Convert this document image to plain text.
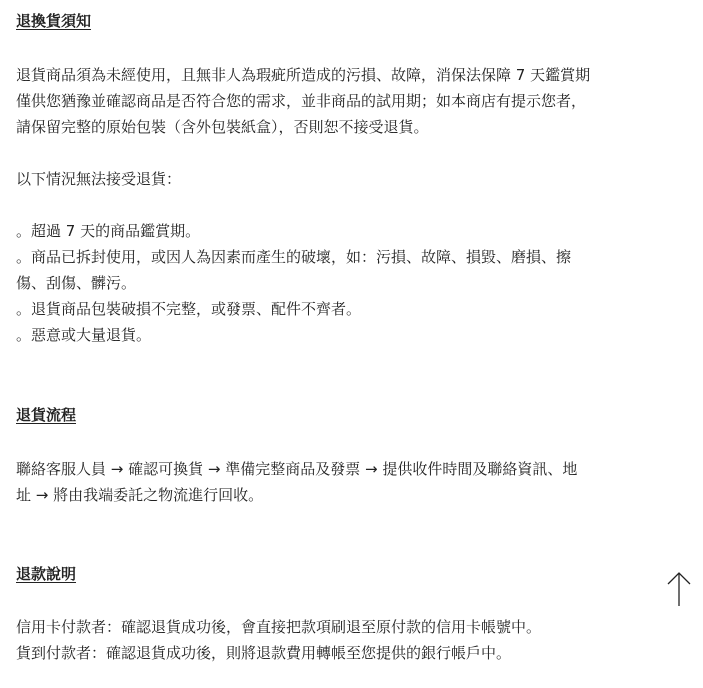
退換貨須知

退貨商品須為未經使用，且無非人為瑕疵所造成的污損、故障，消保法保障 7 天鑑賞期
僅供您猶豫並確認商品是否符合您的需求，並非商品的試用期；如本商店有提示您者，
請保留完整的原始包裝（含外包裝紙盒），否則恕不接受退貨。

以下情況無法接受退貨：

。超過 7 天的商品鑑賞期。
。商品已拆封使用，或因人為因素而產生的破壞，如：污損、故障、損毀、磨損、擦
傷、刮傷、髒污。
。退貨商品包裝破損不完整，或發票、配件不齊者。
。惡意或大量退貨。

退貨流程

聯絡客服人員 → 確認可換貨 → 準備完整商品及發票 → 提供收件時間及聯絡資訊、地
址 → 將由我端委託之物流進行回收。

退款說明

信用卡付款者：確認退貨成功後，會直接把款項刷退至原付款的信用卡帳號中。
貨到付款者：確認退貨成功後，則將退款費用轉帳至您提供的銀行帳戶中。
